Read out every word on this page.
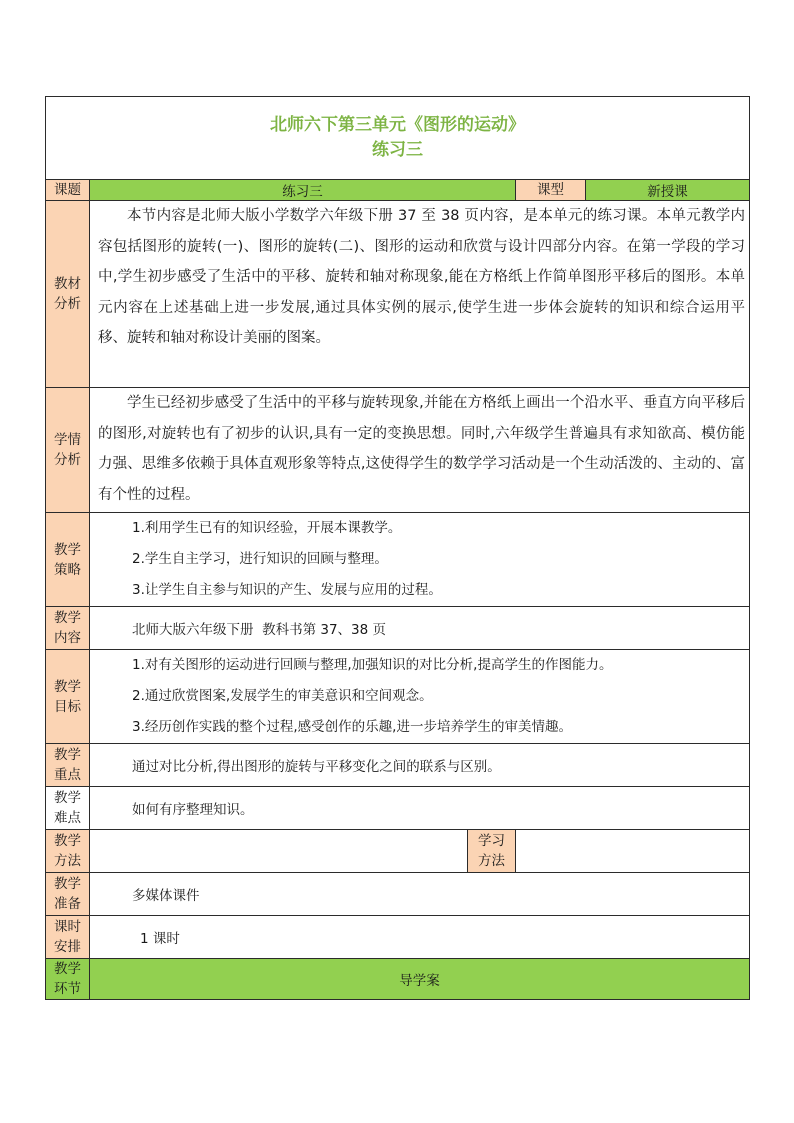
北师六下第三单元《图形的运动》
练习三				

课题	练习三		课型	新授课
教材分析	本节内容是北师大版小学数学六年级下册 37 至 38 页内容，是本单元的练习课。本单元教学内容包括图形的旋转(一)、图形的旋转(二)、图形的运动和欣赏与设计四部分内容。在第一学段的学习中,学生初步感受了生活中的平移、旋转和轴对称现象,能在方格纸上作简单图形平移后的图形。本单元内容在上述基础上进一步发展,通过具体实例的展示,使学生进一步体会旋转的知识和综合运用平移、旋转和轴对称设计美丽的图案。			

学情分析	学生已经初步感受了生活中的平移与旋转现象,并能在方格纸上画出一个沿水平、垂直方向平移后的图形,对旋转也有了初步的认识,具有一定的变换思想。同时,六年级学生普遍具有求知欲高、模仿能力强、思维多依赖于具体直观形象等特点,这使得学生的数学学习活动是一个生动活泼的、主动的、富有个性的过程。			

教学策略	1.利用学生已有的知识经验，开展本课教学。
2.学生自主学习，进行知识的回顾与整理。
3.让学生自主参与知识的产生、发展与应用的过程。			

教学内容	北师大版六年级下册  教科书第 37、38 页			

教学目标	1.对有关图形的运动进行回顾与整理,加强知识的对比分析,提高学生的作图能力。
2.通过欣赏图案,发展学生的审美意识和空间观念。
3.经历创作实践的整个过程,感受创作的乐趣,进一步培养学生的审美情趣。			

教学重点	通过对比分析,得出图形的旋转与平移变化之间的联系与区别。			

教学难点	如何有序整理知识。			

教学方法		学习方法		
教学准备	多媒体课件			

课时安排	1 课时			

教学环节	导学案			
